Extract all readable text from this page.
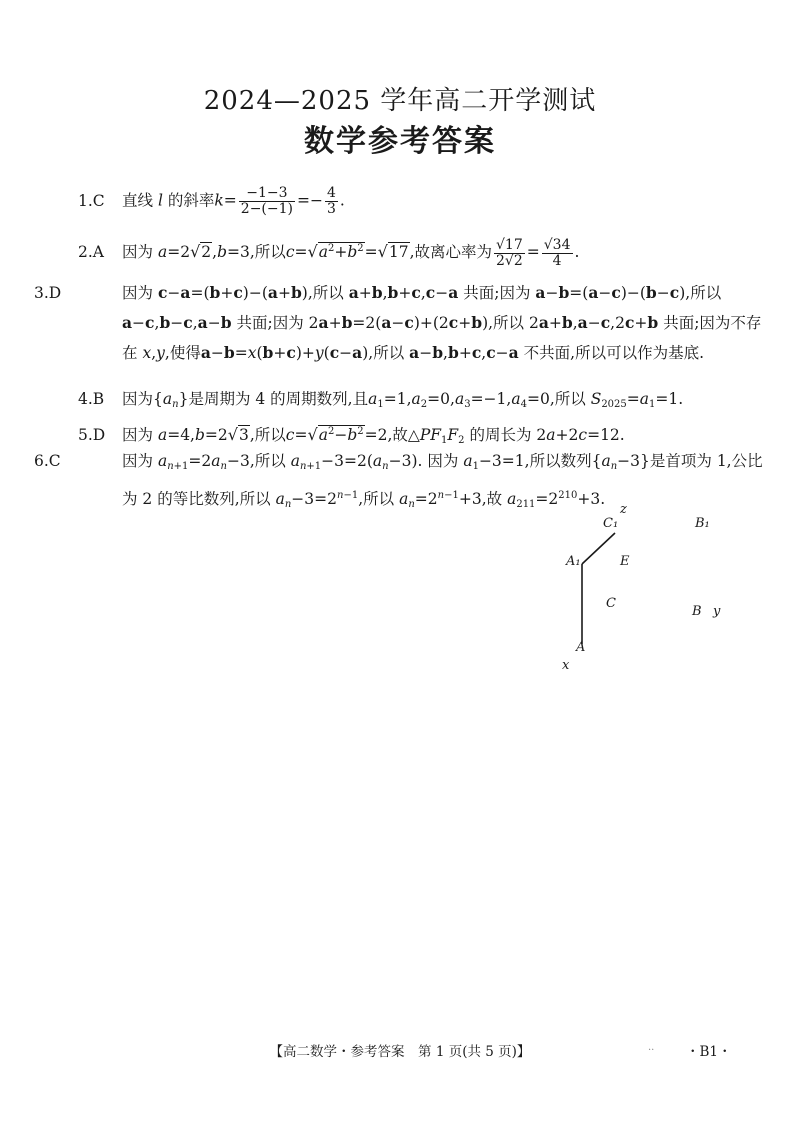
2024—2025 学年高二开学测试
数学参考答案
1.C 直线 l 的斜率$k= \frac{-1-3}{2-(-1)} =- \frac{4}{3}$ .
2.A 因为 a=2√2,b=3,所以$c=√a^2+b^2=√17$,故离心率为 $\frac{√17}{2√2} = \frac{√34}{4}$ .
3.D	因为 c−a=(b+c)−(a+b),所以 a+b,b+c,c−a 共面;因为 a−b=(a−c)−(b−c),所以 a−c,b−c,a−b 共面;因为 2a+b=2(a−c)+(2c+b),所以 2a+b,a−c,2c+b 共面;因为不存在 x,y,使得a−b=x(b+c)+y(c−a),所以 a−b,b+c,c−a 不共面,所以可以作为基底.
4.B 因为$\{a_n\}$是周期为 4 的周期数列,且$a_1=1,a_2=0,a_3=-1,a_4=0$,所以 $S_{2025}=a_1=1$.
5.D 因为 a=4,b=2√3,所以$c=√a^2-b^2=2$,故$\triangle PF_1F_2$ 的周长为 2a+2c=12.
6.C	因为 $a_{n+1}=2a_n-3$,所以 $a_{n+1}-3=2(a_n-3)$. 因为 $a_1-3=1$,所以数列$\{a_n-3\}$是首项为 1,公比为 2 的等比数列,所以 $a_n-3=2^{n-1}$,所以 $a_n=2^{n-1}+3$,故 $a_{211}=2^{210}+3$.
z
C₁	B₁
A₁	E
C
B y
A
x
【高二数学・参考答案　第 1 页(共 5 页)】	.. ・B1・
